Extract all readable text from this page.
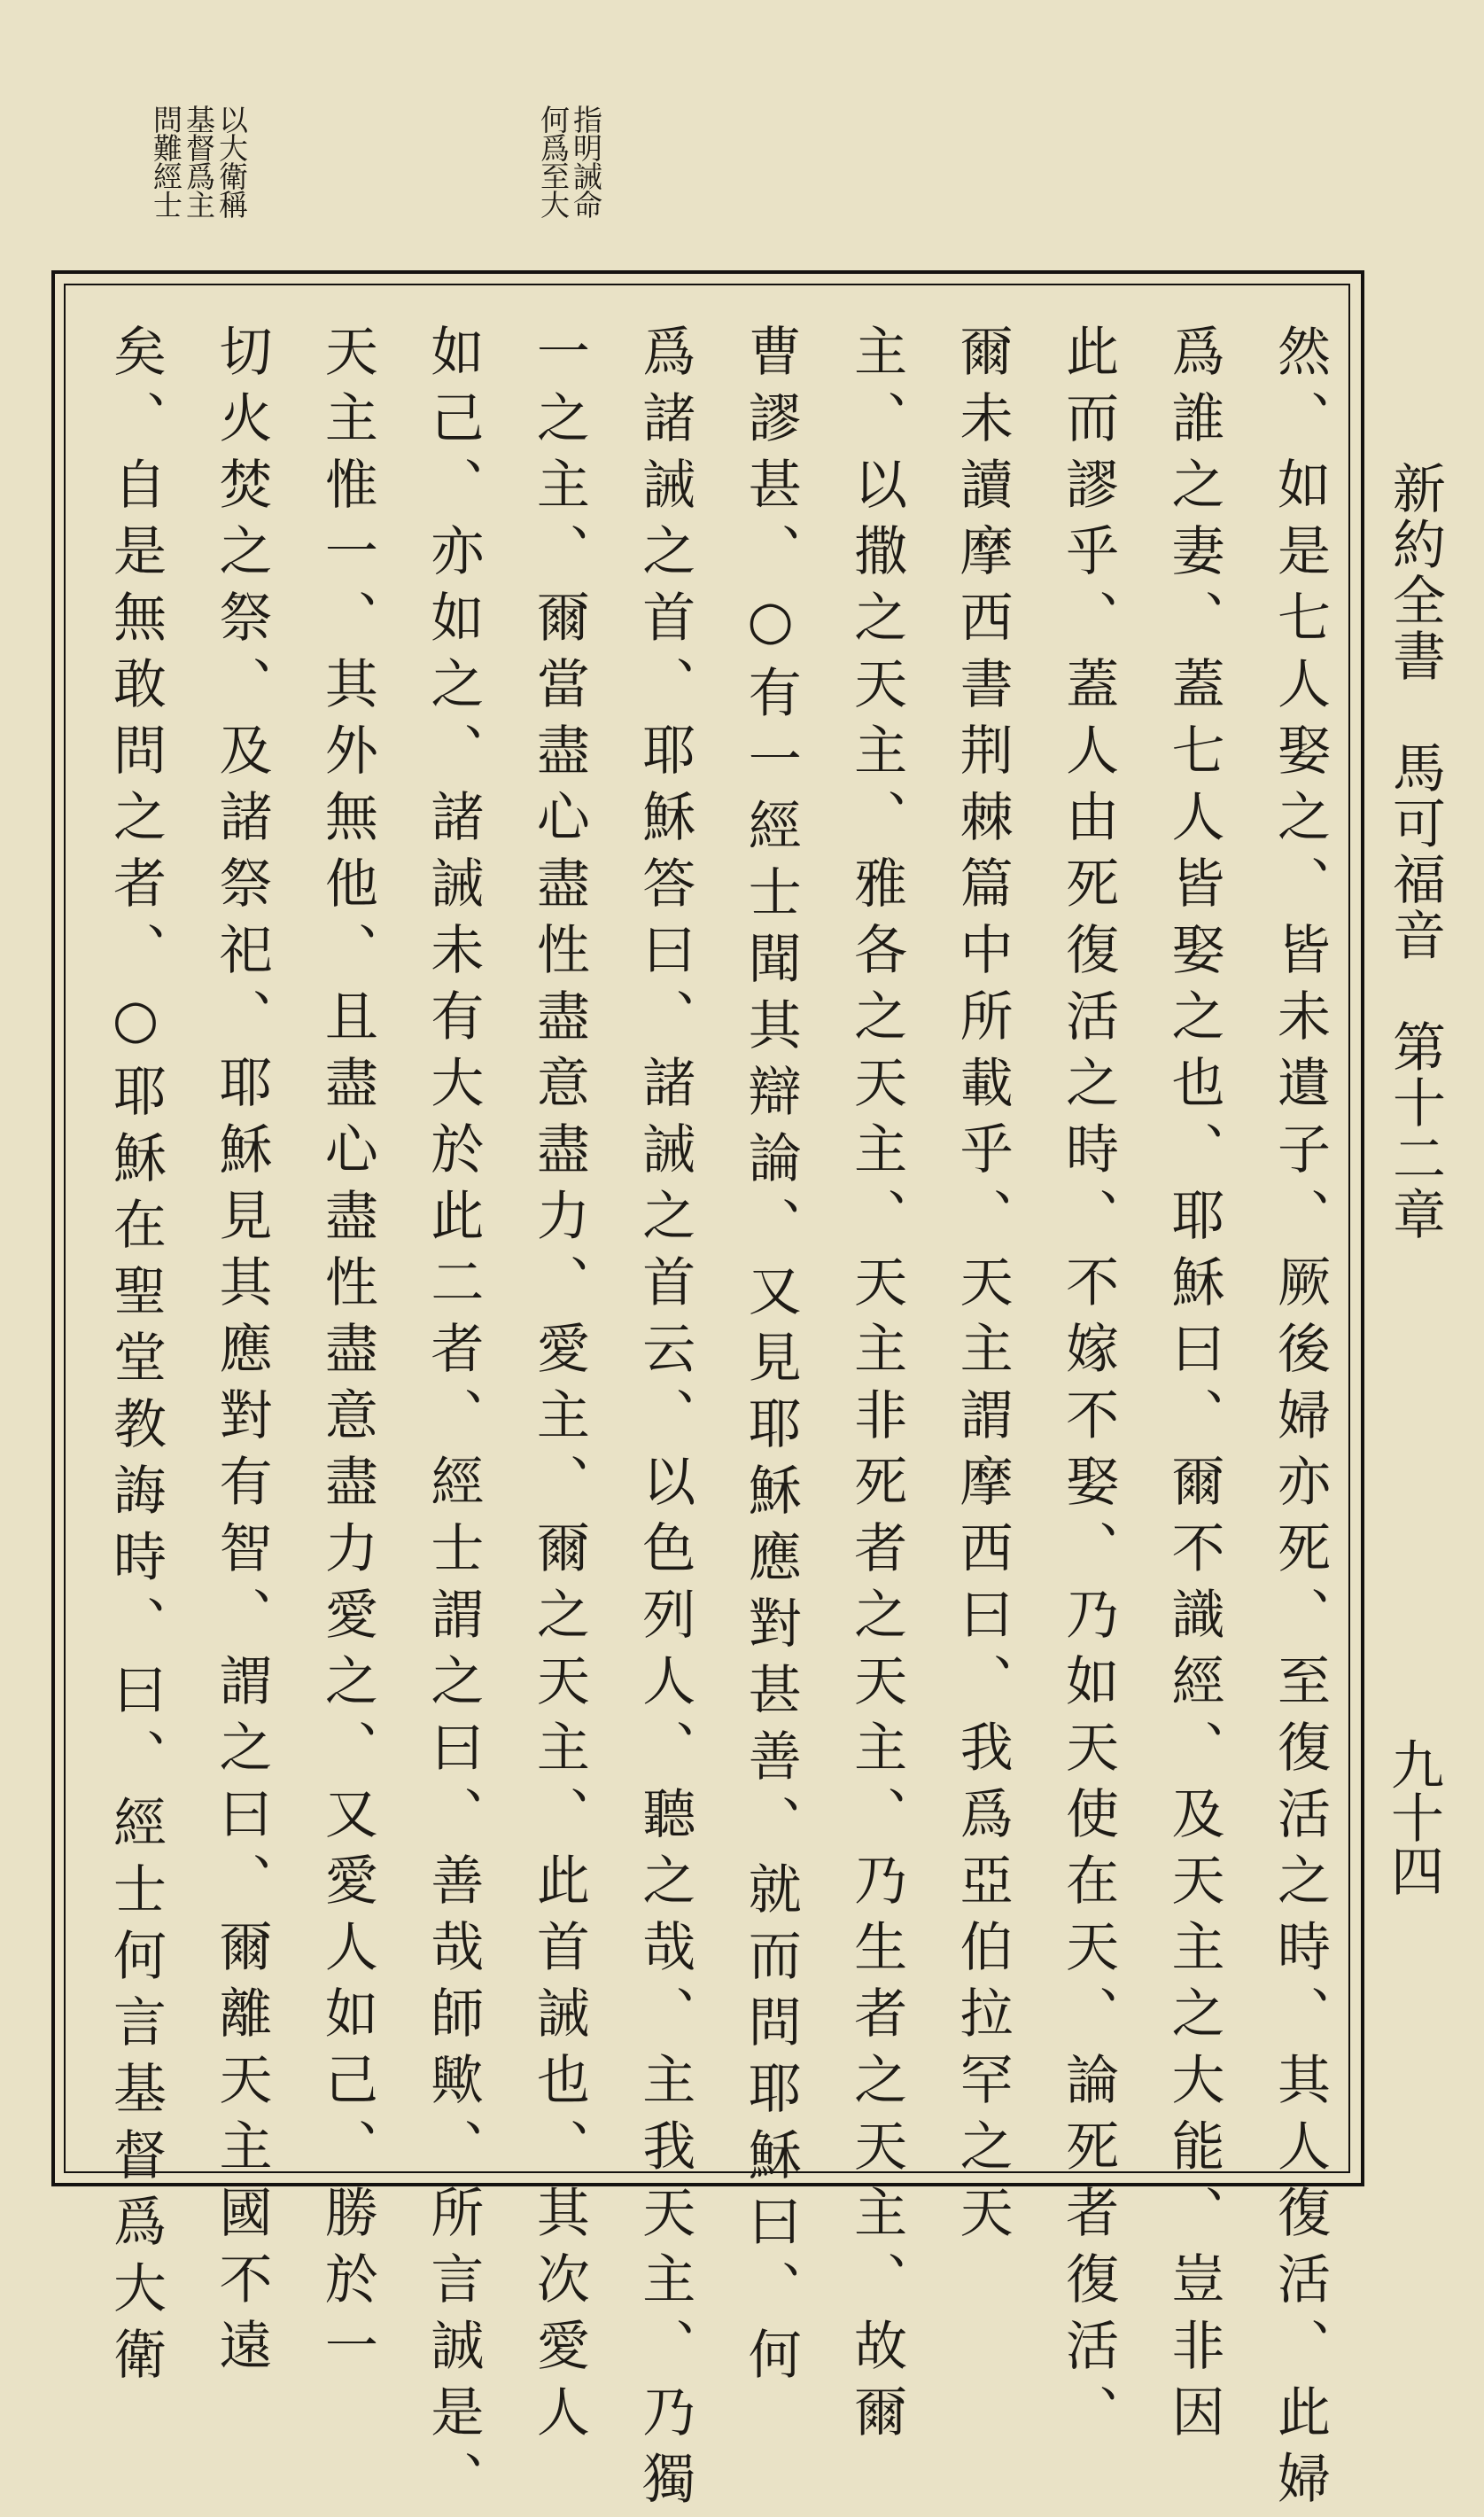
新約全書　馬可福音　第十二章
九十四
指明誡命
何爲至大
以大衛稱
基督爲主
問難經士
然、如是七人娶之、皆未遺子、厥後婦亦死、至復活之時、其人復活、此婦
爲誰之妻、蓋七人皆娶之也、耶穌曰、爾不識經、及天主之大能、豈非因
此而謬乎、蓋人由死復活之時、不嫁不娶、乃如天使在天、論死者復活、
爾未讀摩西書荆棘篇中所載乎、天主謂摩西曰、我爲亞伯拉罕之天
主、以撒之天主、雅各之天主、天主非死者之天主、乃生者之天主、故爾
曹謬甚、○有一經士聞其辯論、又見耶穌應對甚善、就而問耶穌曰、何
爲諸誡之首、耶穌答曰、諸誡之首云、以色列人、聽之哉、主我天主、乃獨
一之主、爾當盡心盡性盡意盡力、愛主、爾之天主、此首誡也、其次愛人
如己、亦如之、諸誡未有大於此二者、經士謂之曰、善哉師歟、所言誠是、
天主惟一、其外無他、且盡心盡性盡意盡力愛之、又愛人如己、勝於一
切火焚之祭、及諸祭祀、耶穌見其應對有智、謂之曰、爾離天主國不遠
矣、自是無敢問之者、○耶穌在聖堂教誨時、曰、經士何言基督爲大衛
